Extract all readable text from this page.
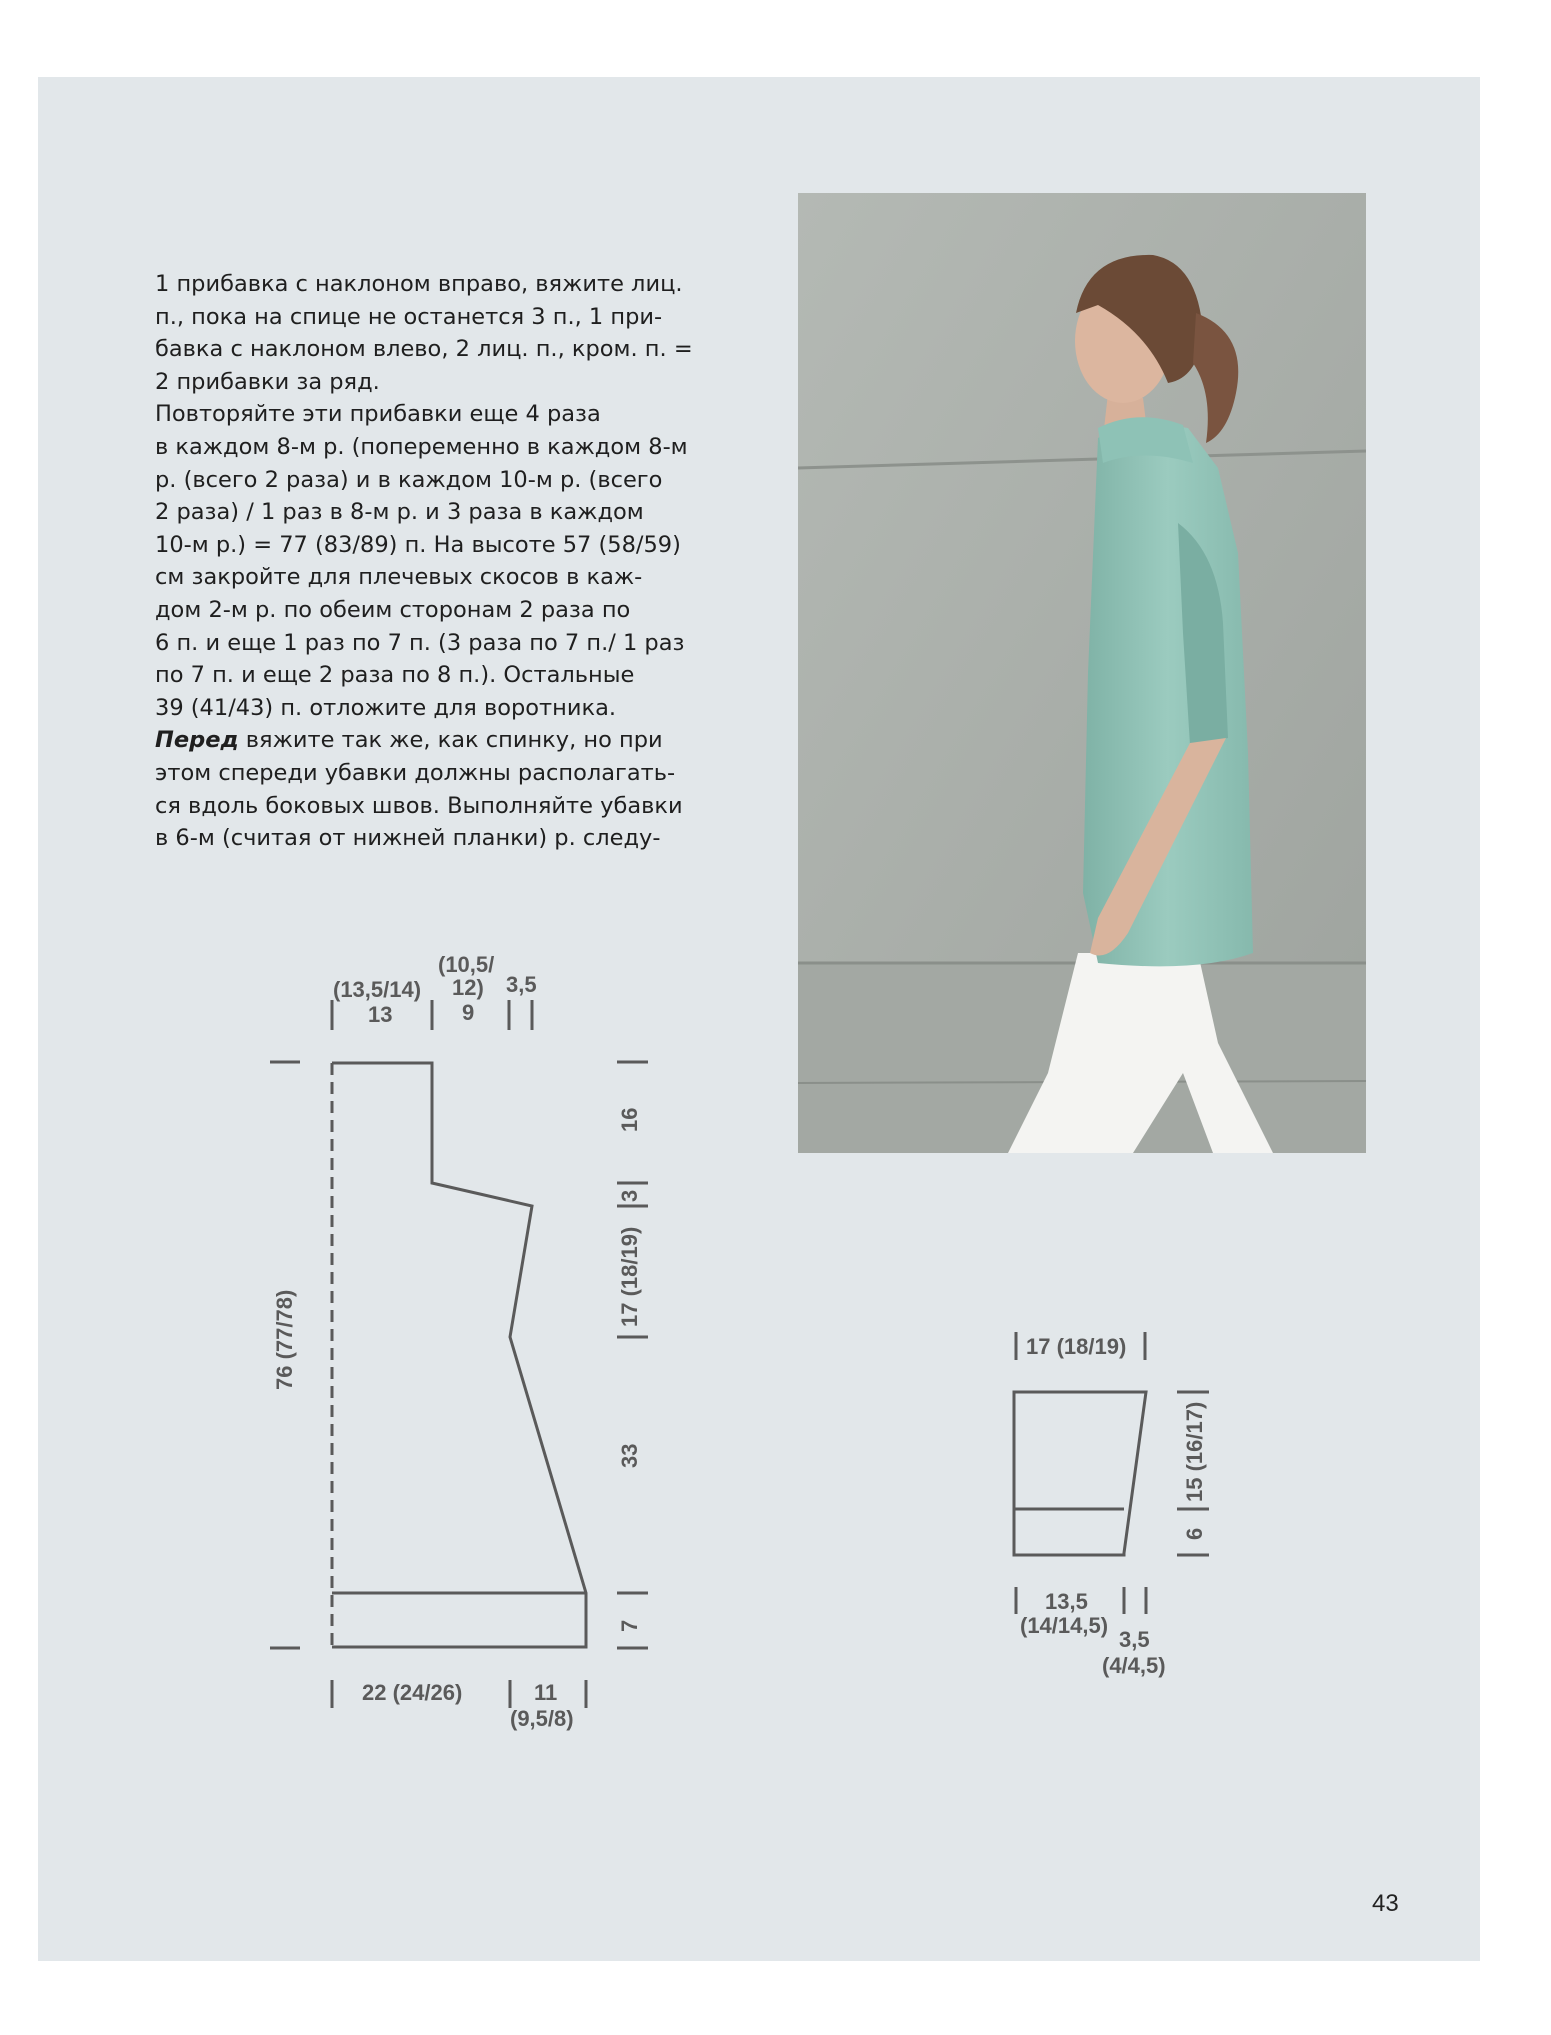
1 прибавка с наклоном вправо, вяжите лиц.
п., пока на спице не останется 3 п., 1 при-
бавка с наклоном влево, 2 лиц. п., кром. п. =
2 прибавки за ряд.
Повторяйте эти прибавки еще 4 раза
в каждом 8-м р. (попеременно в каждом 8-м
р. (всего 2 раза) и в каждом 10-м р. (всего
2 раза) / 1 раз в 8-м р. и 3 раза в каждом
10-м р.) = 77 (83/89) п. На высоте 57 (58/59)
см закройте для плечевых скосов в каж-
дом 2-м р. по обеим сторонам 2 раза по
6 п. и еще 1 раз по 7 п. (3 раза по 7 п./ 1 раз
по 7 п. и еще 2 раза по 8 п.). Остальные
39 (41/43) п. отложите для воротника.
Перед вяжите так же, как спинку, но при
этом спереди убавки должны располагать-
ся вдоль боковых швов. Выполняйте убавки
в 6-м (считая от нижней планки) р. следу-
(13,5/14)
13
(10,5/
12)
9
3,5
76 (77/78)
16
3
17 (18/19)
33
7
22 (24/26)	11
(9,5/8)
17 (18/19)
15 (16/17)
6
13,5
(14/14,5)
3,5
(4/4,5)
43
